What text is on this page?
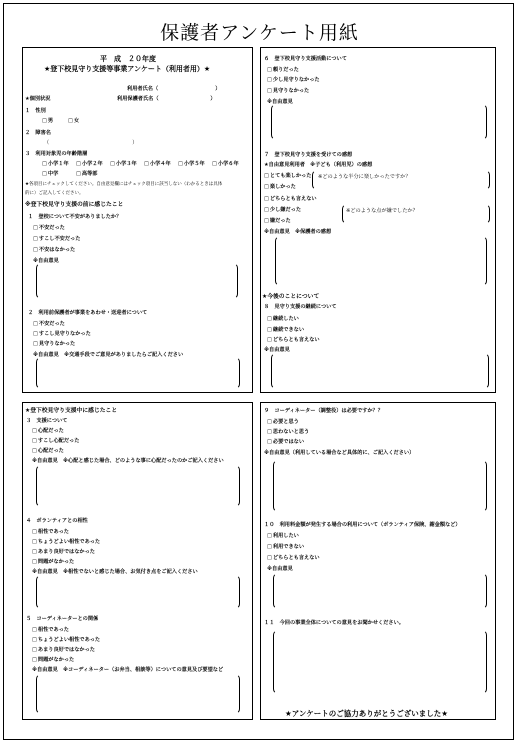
保護者アンケート用紙
平　成　２０年度
★登下校見守り支援等事業アンケート（利用者用）★
利用者氏名（　　　　　　　　　　　）
★個別状況	利用保護者氏名（　　　　　　　　　　）
１　性別
□ 男　　	□ 女
２　障害名
（　　　　　　　　　　　　　　　　）
３　利用対象児の年齢階層
□ 小学１年	□ 小学２年	□ 小学３年	□ 小学４年	□ 小学５年	□ 小学６年
□ 中学	□ 高等部
★各項目にチェックしてください。自由意見欄にはチェック項目に該当しない（わかるときは具体
的に）ご記入してください。
※登下校見守り支援の前に感じたこと
１　登校について不安がありましたか？
□ 不安だった
□ すこし不安だった
□ 不安はなかった
※自由意見
２　利用前保護者が事業をあわせ・送迎者について
□ 不安だった
□ すこし見守りなかった
□ 見守りなかった
※自由意見　※交通手段でご意見がありましたらご記入ください
６　登下校見守り支援活動について
□ 頼りだった
□ 少し見守りなかった
□ 見守りなかった
※自由意見
７　登下校見守り支援を受けての感想
★自由意見利用者　※子ども（利用児）の感想
□ とても楽しかった
□ 楽しかった
□ どちらとも言えない
□ 少し嫌だった
□ 嫌だった
※どのような半分に楽しかったですか？
※どのような点が嫌でしたか？
※自由意見　※保護者の感想
★今後のことについて
８　見守り支援の継続について
□ 継続したい
□ 継続できない
□ どちらとも言えない
※自由意見
★登下校見守り支援中に感じたこと
３　支援について
□ 心配だった
□ すこし心配だった
□ 心配だった
※自由意見　※心配と感じた場合、どのような事に心配だったのかご記入ください
４　ボランティアとの相性
□ 相性であった
□ ちょうどよい相性であった
□ あまり良好ではなかった
□ 問題がなかった
※自由意見　※相性でないと感じた場合、お気付き点をご記入ください
５　コーディネーターとの関係
□ 相性であった
□ ちょうどよい相性であった
□ あまり良好ではなかった
□ 問題がなかった
※自由意見　※コーディネーター（お弁当、相談等）についての意見及び要望など
９　コーディネーター（調整役）は必要ですか？？
□ 必要と思う
□ 思わないと思う
□ 必要ではない
※自由意見（利用している場合など具体的に、ご記入ください）
１０　利用料金額が発生する場合の利用について（ボランティア保険、謝金額など）
□ 利用したい
□ 利用できない
□ どちらとも言えない
※自由意見
１１　今回の事業全体についての意見をお聞かせください。
★アンケートのご協力ありがとうございました★
